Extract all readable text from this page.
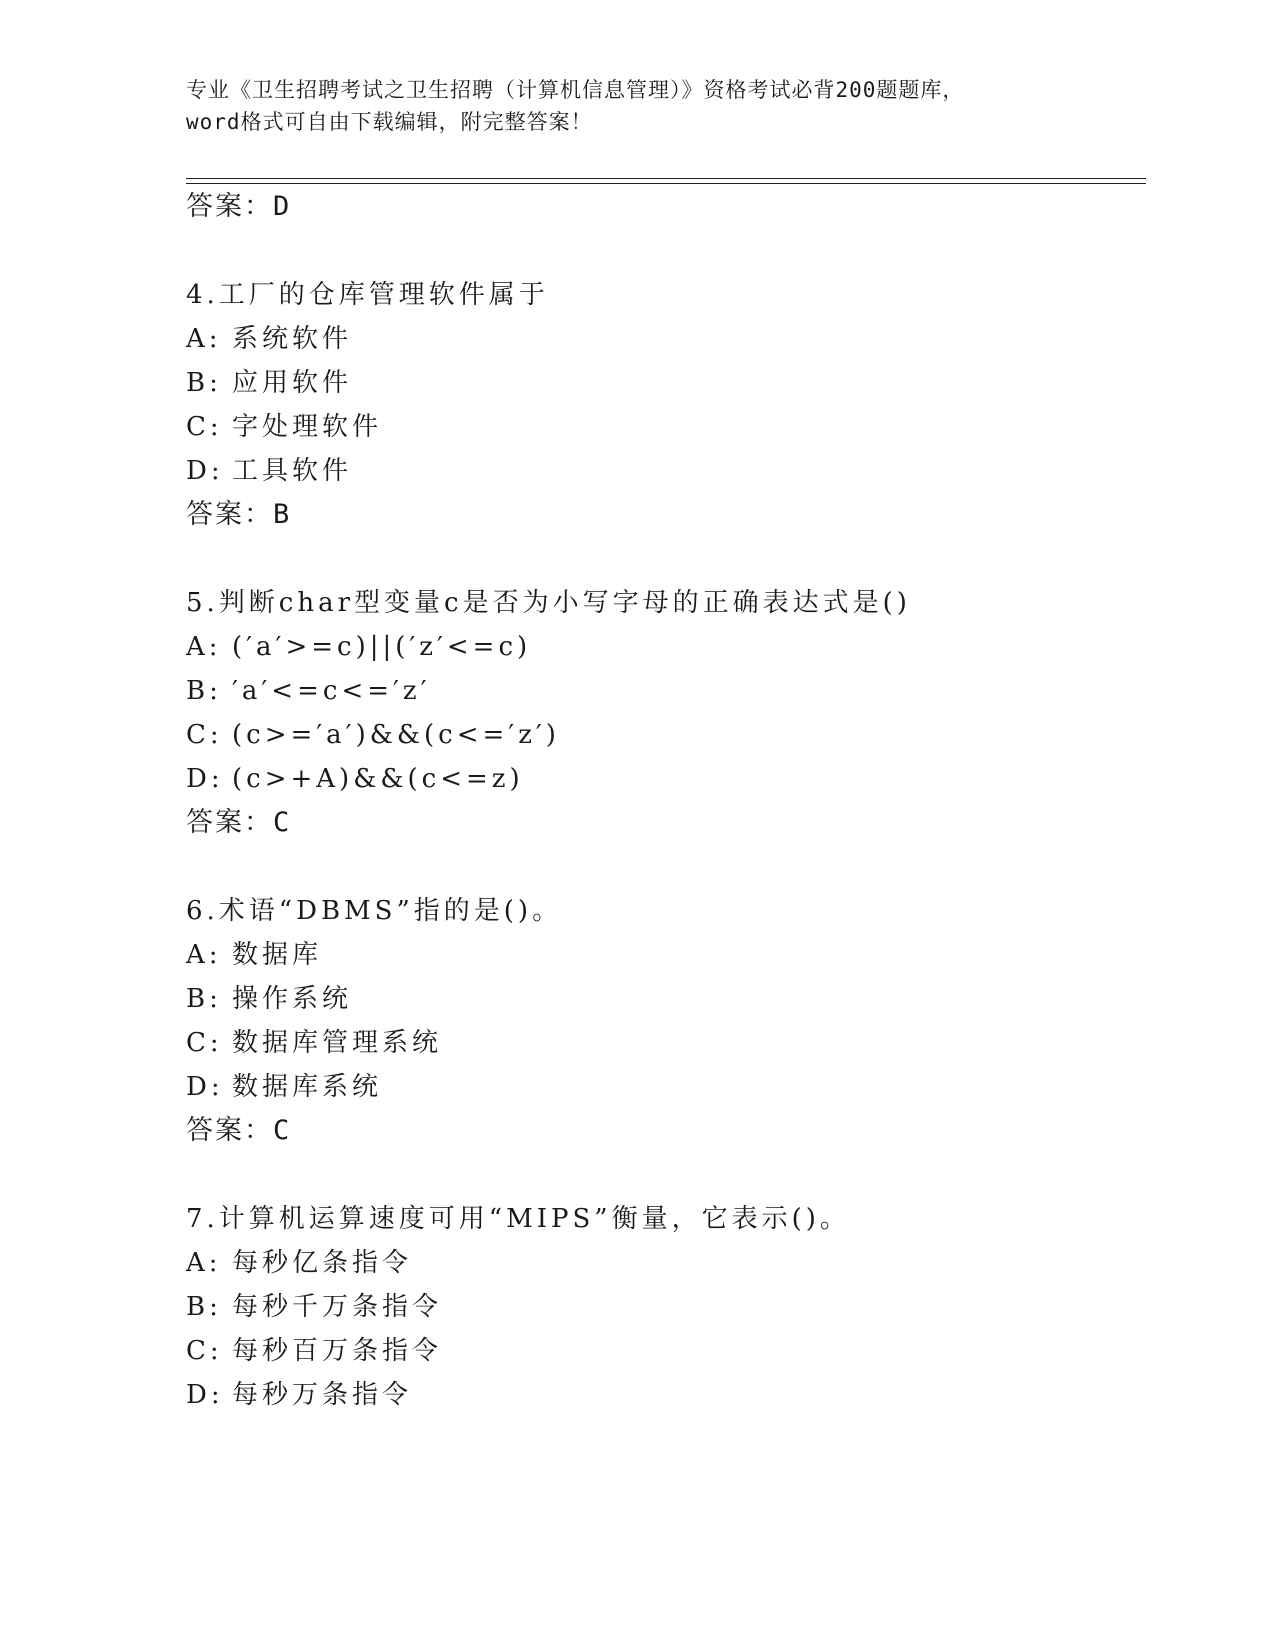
专业《卫生招聘考试之卫生招聘（计算机信息管理）》资格考试必背200题题库，
word格式可自由下载编辑，附完整答案！
答案：D
4.工厂的仓库管理软件属于
A: 系统软件
B: 应用软件
C: 字处理软件
D: 工具软件
答案：B
5.判断char型变量c是否为小写字母的正确表达式是()
A: (′a′>=c)||(′z′<=c)
B: ′a′<=c<=′z′
C: (c>=′a′)&&(c<=′z′)
D: (c>+A)&&(c<=z)
答案：C
6.术语“DBMS”指的是()。
A: 数据库
B: 操作系统
C: 数据库管理系统
D: 数据库系统
答案：C
7.计算机运算速度可用“MIPS”衡量，它表示()。
A: 每秒亿条指令
B: 每秒千万条指令
C: 每秒百万条指令
D: 每秒万条指令
